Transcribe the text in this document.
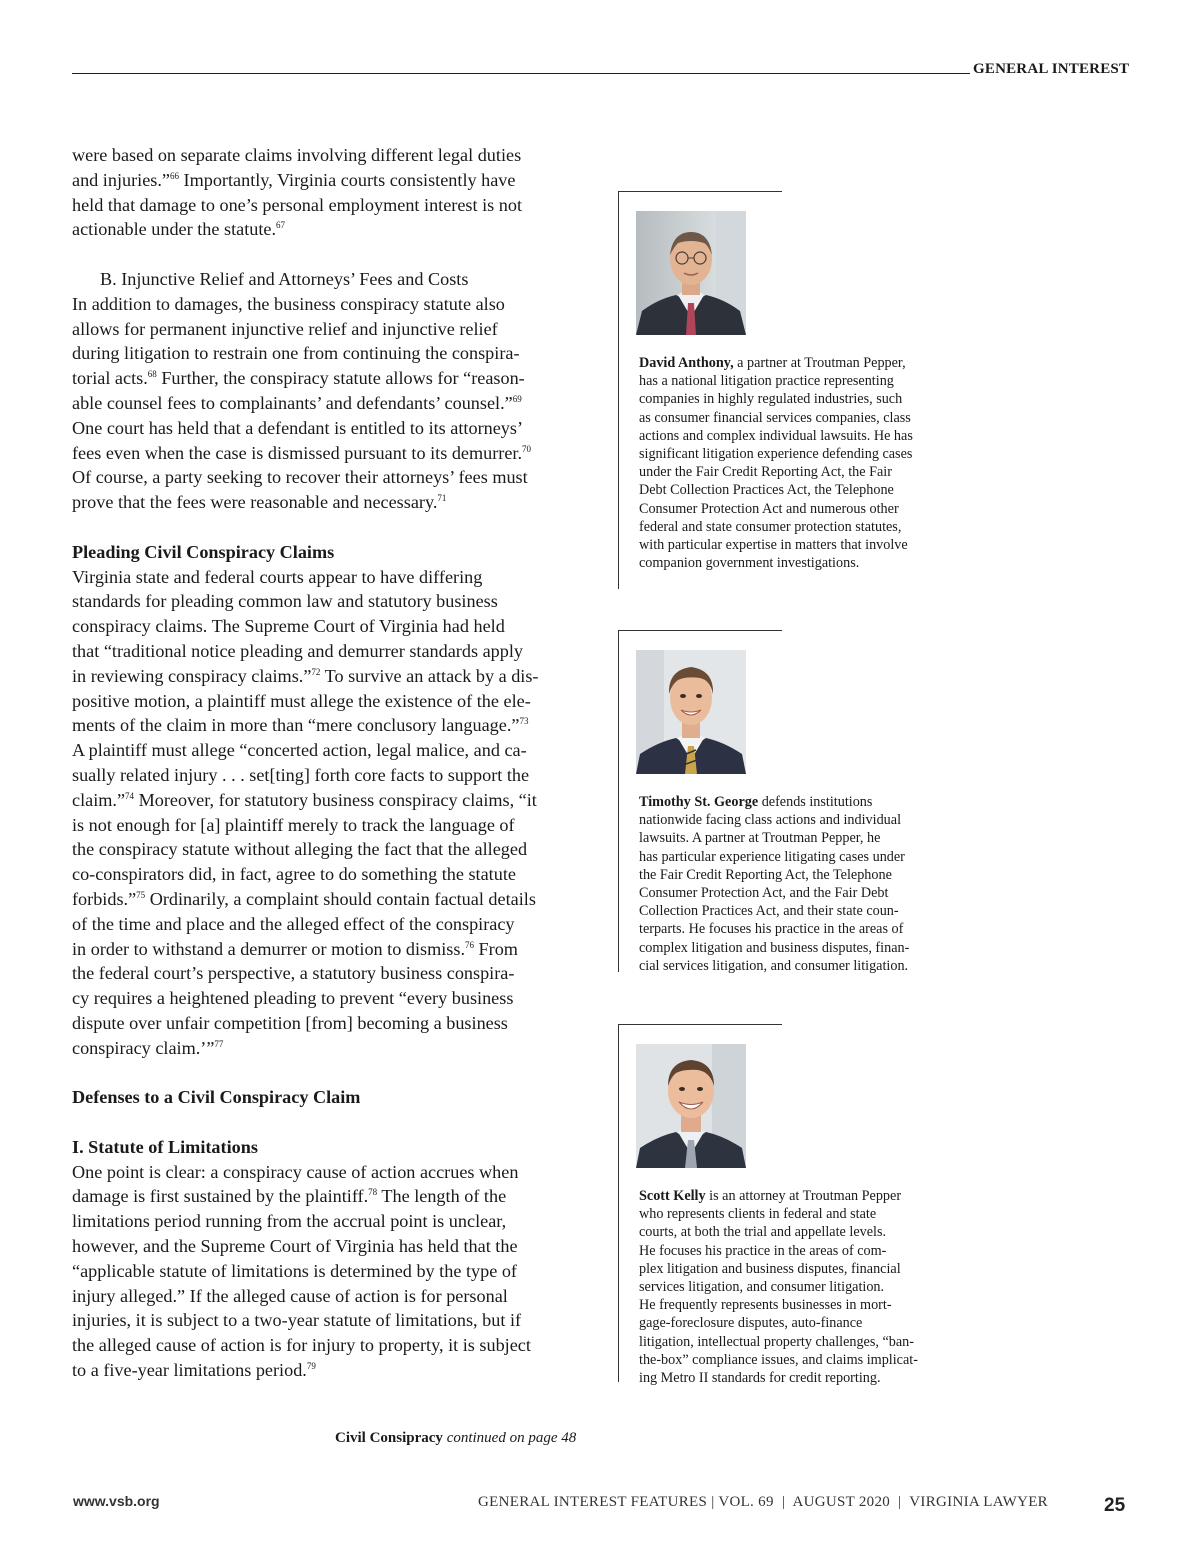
GENERAL INTEREST

were based on separate claims involving different legal duties
and injuries.”$^{66}$ Importantly, Virginia courts consistently have
held that damage to one’s personal employment interest is not
actionable under the statute.$^{67}$

B. Injunctive Relief and Attorneys’ Fees and Costs

In addition to damages, the business conspiracy statute also
allows for permanent injunctive relief and injunctive relief
during litigation to restrain one from continuing the conspira-
torial acts.$^{68}$ Further, the conspiracy statute allows for “reason-
able counsel fees to complainants’ and defendants’ counsel.”$^{69}$
One court has held that a defendant is entitled to its attorneys’
fees even when the case is dismissed pursuant to its demurrer.$^{70}$
Of course, a party seeking to recover their attorneys’ fees must
prove that the fees were reasonable and necessary.$^{71}$

Pleading Civil Conspiracy Claims

Virginia state and federal courts appear to have differing
standards for pleading common law and statutory business
conspiracy claims. The Supreme Court of Virginia had held
that “traditional notice pleading and demurrer standards apply
in reviewing conspiracy claims.”$^{72}$ To survive an attack by a dis-
positive motion, a plaintiff must allege the existence of the ele-
ments of the claim in more than “mere conclusory language.”$^{73}$
A plaintiff must allege “concerted action, legal malice, and ca-
sually related injury . . . set[ting] forth core facts to support the
claim.”$^{74}$ Moreover, for statutory business conspiracy claims, “it
is not enough for [a] plaintiff merely to track the language of
the conspiracy statute without alleging the fact that the alleged
co-conspirators did, in fact, agree to do something the statute
forbids.”$^{75}$ Ordinarily, a complaint should contain factual details
of the time and place and the alleged effect of the conspiracy
in order to withstand a demurrer or motion to dismiss.$^{76}$ From
the federal court’s perspective, a statutory business conspira-
cy requires a heightened pleading to prevent “every business
dispute over unfair competition [from] becoming a business
conspiracy claim.’”$^{77}$

Defenses to a Civil Conspiracy Claim
I. Statute of Limitations

One point is clear: a conspiracy cause of action accrues when
damage is first sustained by the plaintiff.$^{78}$ The length of the
limitations period running from the accrual point is unclear,
however, and the Supreme Court of Virginia has held that the
“applicable statute of limitations is determined by the type of
injury alleged.” If the alleged cause of action is for personal
injuries, it is subject to a two-year statute of limitations, but if
the alleged cause of action is for injury to property, it is subject
to a five-year limitations period.$^{79}$

Civil Consipracy continued on page 48
David Anthony, a partner at Troutman Pepper,
has a national litigation practice representing
companies in highly regulated industries, such
as consumer financial services companies, class
actions and complex individual lawsuits. He has
significant litigation experience defending cases
under the Fair Credit Reporting Act, the Fair
Debt Collection Practices Act, the Telephone
Consumer Protection Act and numerous other
federal and state consumer protection statutes,
with particular expertise in matters that involve
companion government investigations.
Timothy St. George defends institutions
nationwide facing class actions and individual
lawsuits. A partner at Troutman Pepper, he
has particular experience litigating cases under
the Fair Credit Reporting Act, the Telephone
Consumer Protection Act, and the Fair Debt
Collection Practices Act, and their state coun-
terparts. He focuses his practice in the areas of
complex litigation and business disputes, finan-
cial services litigation, and consumer litigation.
Scott Kelly is an attorney at Troutman Pepper
who represents clients in federal and state
courts, at both the trial and appellate levels.
He focuses his practice in the areas of com-
plex litigation and business disputes, financial
services litigation, and consumer litigation.
He frequently represents businesses in mort-
gage-foreclosure disputes, auto-finance
litigation, intellectual property challenges, “ban-
the-box” compliance issues, and claims implicat-
ing Metro II standards for credit reporting.
www.vsb.org	GENERAL INTEREST FEATURES | VOL. 69  |  AUGUST 2020  |  VIRGINIA LAWYER	25
